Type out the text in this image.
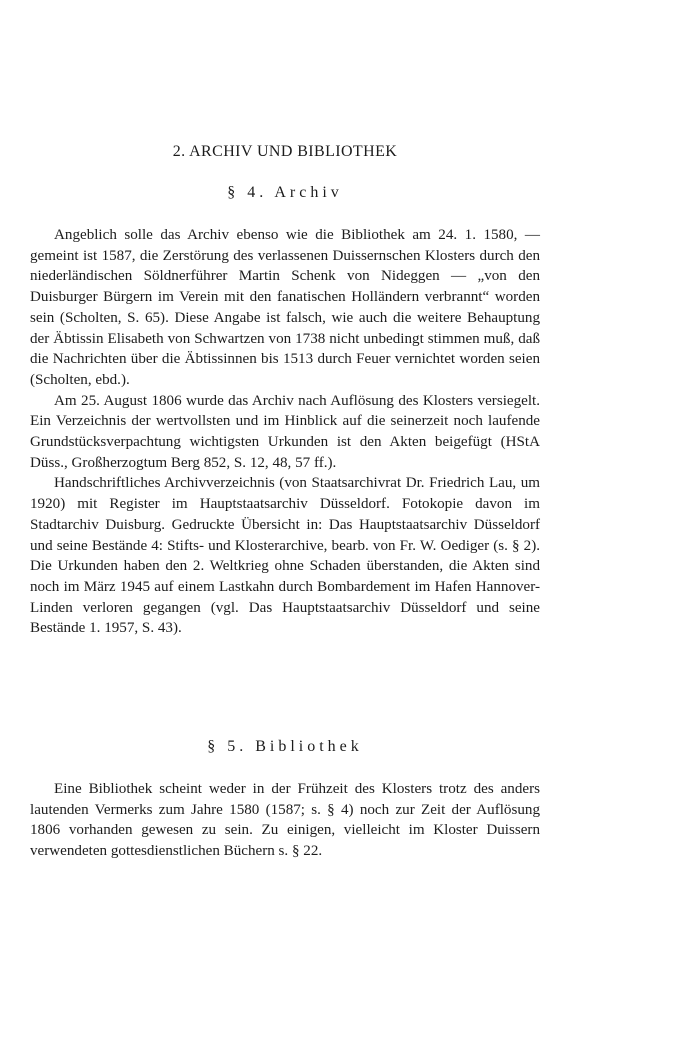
2. ARCHIV UND BIBLIOTHEK
§ 4. Archiv

Angeblich solle das Archiv ebenso wie die Bibliothek am 24. 1. 1580, — gemeint ist 1587, die Zerstörung des verlassenen Duissernschen Klosters durch den niederländischen Söldnerführer Martin Schenk von Nideggen — „von den Duisburger Bürgern im Verein mit den fanatischen Holländern verbrannt“ worden sein (Scholten, S. 65). Diese Angabe ist falsch, wie auch die weitere Behauptung der Äbtissin Elisabeth von Schwartzen von 1738 nicht unbedingt stimmen muß, daß die Nachrichten über die Äbtissinnen bis 1513 durch Feuer vernichtet worden seien (Scholten, ebd.).

Am 25. August 1806 wurde das Archiv nach Auflösung des Klosters versiegelt. Ein Verzeichnis der wertvollsten und im Hinblick auf die seinerzeit noch laufende Grundstücksverpachtung wichtigsten Urkunden ist den Akten beigefügt (HStA Düss., Großherzogtum Berg 852, S. 12, 48, 57 ff.).

Handschriftliches Archivverzeichnis (von Staatsarchivrat Dr. Friedrich Lau, um 1920) mit Register im Hauptstaatsarchiv Düsseldorf. Fotokopie davon im Stadtarchiv Duisburg. Gedruckte Übersicht in: Das Hauptstaatsarchiv Düsseldorf und seine Bestände 4: Stifts- und Klosterarchive, bearb. von Fr. W. Oediger (s. § 2). Die Urkunden haben den 2. Weltkrieg ohne Schaden überstanden, die Akten sind noch im März 1945 auf einem Lastkahn durch Bombardement im Hafen Hannover-Linden verloren gegangen (vgl. Das Hauptstaatsarchiv Düsseldorf und seine Bestände 1. 1957, S. 43).

§ 5. Bibliothek

Eine Bibliothek scheint weder in der Frühzeit des Klosters trotz des anders lautenden Vermerks zum Jahre 1580 (1587; s. § 4) noch zur Zeit der Auflösung 1806 vorhanden gewesen zu sein. Zu einigen, vielleicht im Kloster Duissern verwendeten gottesdienstlichen Büchern s. § 22.
